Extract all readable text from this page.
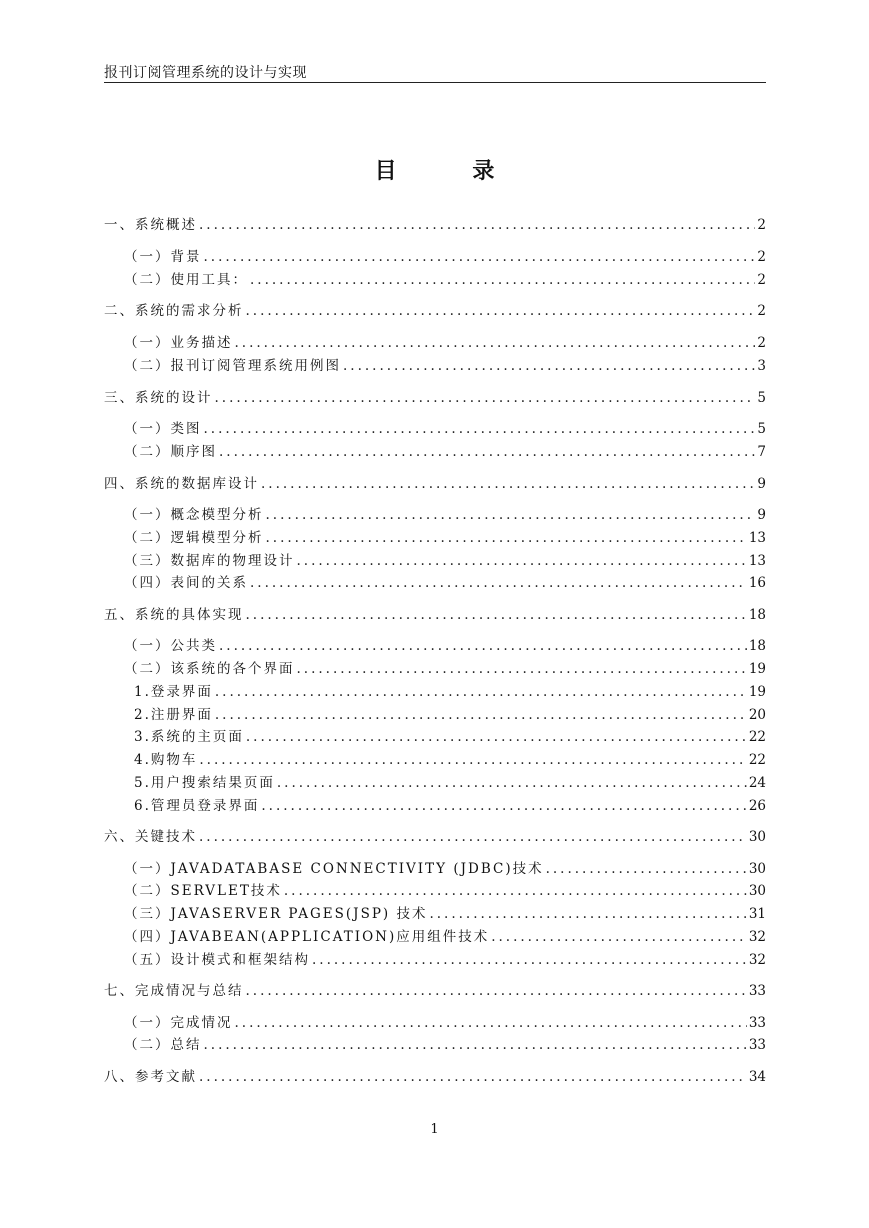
报刊订阅管理系统的设计与实现
目 录
一、系统概述 .....	2
（一）背景 .....	2
（二）使用工具： .....	2
二、系统的需求分析 .....	2
（一）业务描述 .....	2
（二）报刊订阅管理系统用例图 .....	3
三、系统的设计 .....	5
（一）类图 .....	5
（二）顺序图 .....	7
四、系统的数据库设计 .....	9
（一）概念模型分析 .....	9
（二）逻辑模型分析 .....	13
（三）数据库的物理设计 .....	13
（四）表间的关系 .....	16
五、系统的具体实现 .....	18
（一）公共类 .....	18
（二）该系统的各个界面 .....	19
1.登录界面 .....	19
2.注册界面 .....	20
3.系统的主页面 .....	22
4.购物车 .....	22
5.用户搜索结果页面 .....	24
6.管理员登录界面 .....	26
六、关键技术 .....	30
（一）JAVADATABASE CONNECTIVITY (JDBC)技术 .....	30
（二）SERVLET技术 .....	30
（三）JAVASERVER PAGES(JSP) 技术 .....	31
（四）JAVABEAN(APPLICATION)应用组件技术 .....	32
（五）设计模式和框架结构 .....	32
七、完成情况与总结 .....	33
（一）完成情况 .....	33
（二）总结 .....	33
八、参考文献 .....	34
1
